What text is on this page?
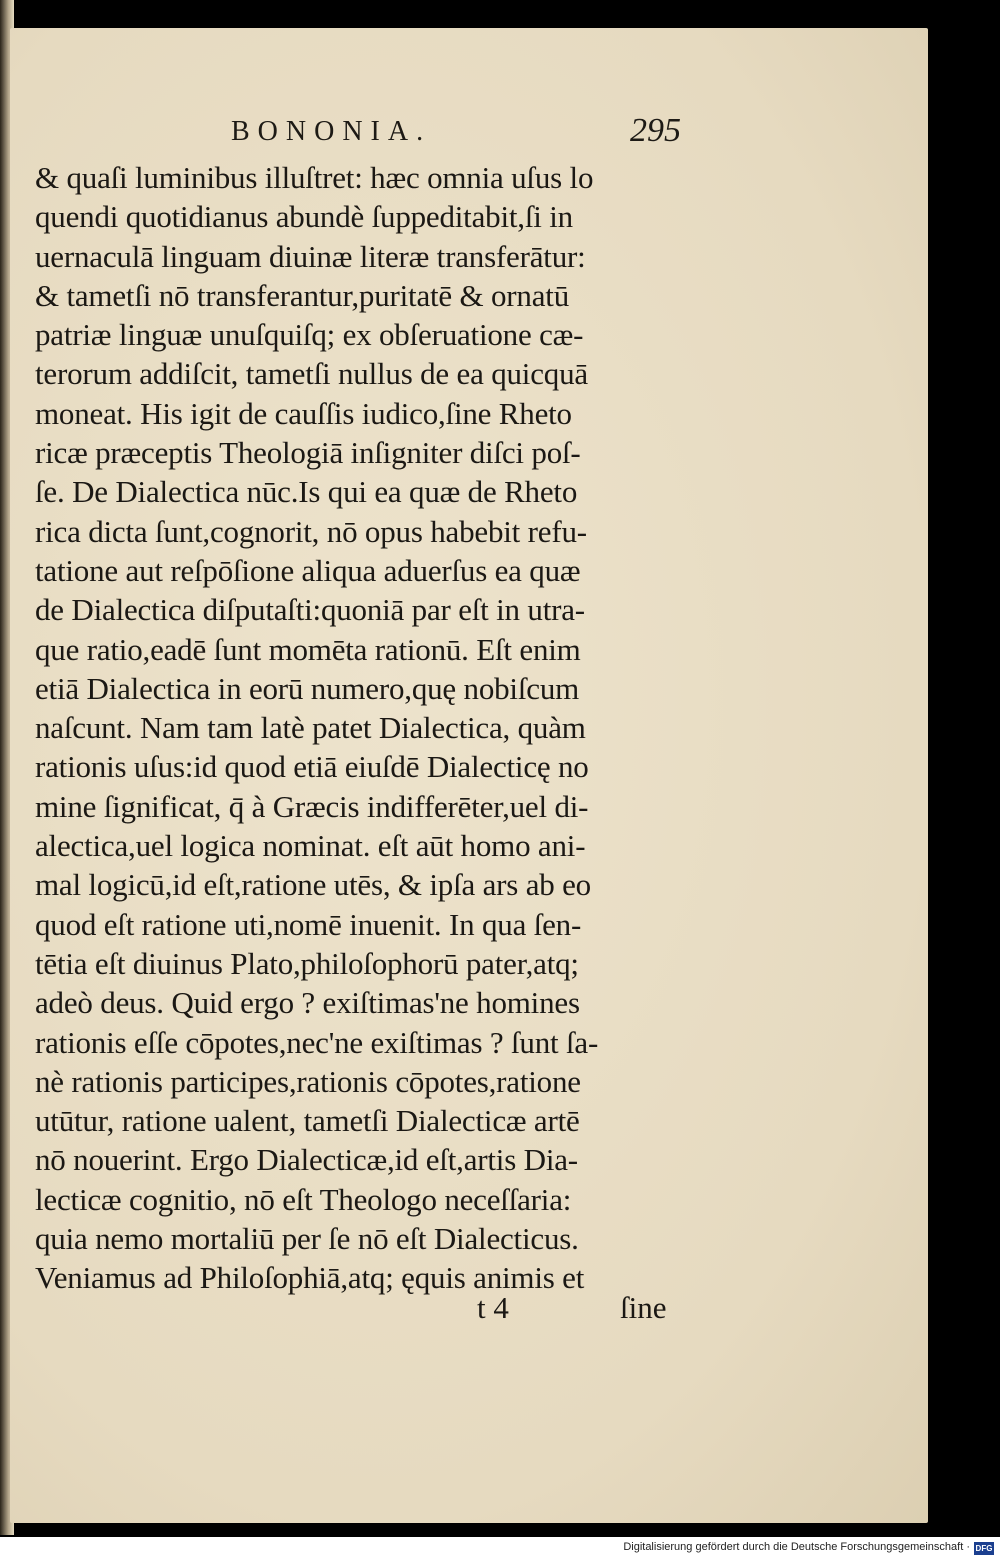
BONONIA.	295
& quaſi luminibus illuſtret: hæc omnia uſus lo
quendi quotidianus abundè ſuppeditabit,ſi in
uernaculā linguam diuinæ literæ transferātur:
& tametſi nō transferantur,puritatē & ornatū
patriæ linguæ unuſquiſq; ex obſeruatione cæ-
terorum addiſcit, tametſi nullus de ea quicquā
moneat. His igit de cauſſis iudico,ſine Rheto
ricæ præceptis Theologiā inſigniter diſci poſ-
ſe. De Dialectica nūc.Is qui ea quæ de Rheto
rica dicta ſunt,cognorit, nō opus habebit refu-
tatione aut reſpōſione aliqua aduerſus ea quæ
de Dialectica diſputaſti:quoniā par eſt in utra-
que ratio,eadē ſunt momēta rationū. Eſt enim
etiā Dialectica in eorū numero,quę nobiſcum
naſcunt. Nam tam latè patet Dialectica, quàm
rationis uſus:id quod etiā eiuſdē Dialecticę no
mine ſignificat, q̄ à Græcis indifferēter,uel di-
alectica,uel logica nominat. eſt aūt homo ani-
mal logicū,id eſt,ratione utēs, & ipſa ars ab eo
quod eſt ratione uti,nomē inuenit. In qua ſen-
tētia eſt diuinus Plato,philoſophorū pater,atq;
adeò deus. Quid ergo ? exiſtimas'ne homines
rationis eſſe cōpotes,nec'ne exiſtimas ? ſunt ſa-
nè rationis participes,rationis cōpotes,ratione
utūtur, ratione ualent, tametſi Dialecticæ artē
nō nouerint. Ergo Dialecticæ,id eſt,artis Dia-
lecticæ cognitio, nō eſt Theologo neceſſaria:
quia nemo mortaliū per ſe nō eſt Dialecticus.
Veniamus ad Philoſophiā,atq; ęquis animis et
t 4	ſine
Digitalisierung gefördert durch die Deutsche Forschungsgemeinschaft · DFG
